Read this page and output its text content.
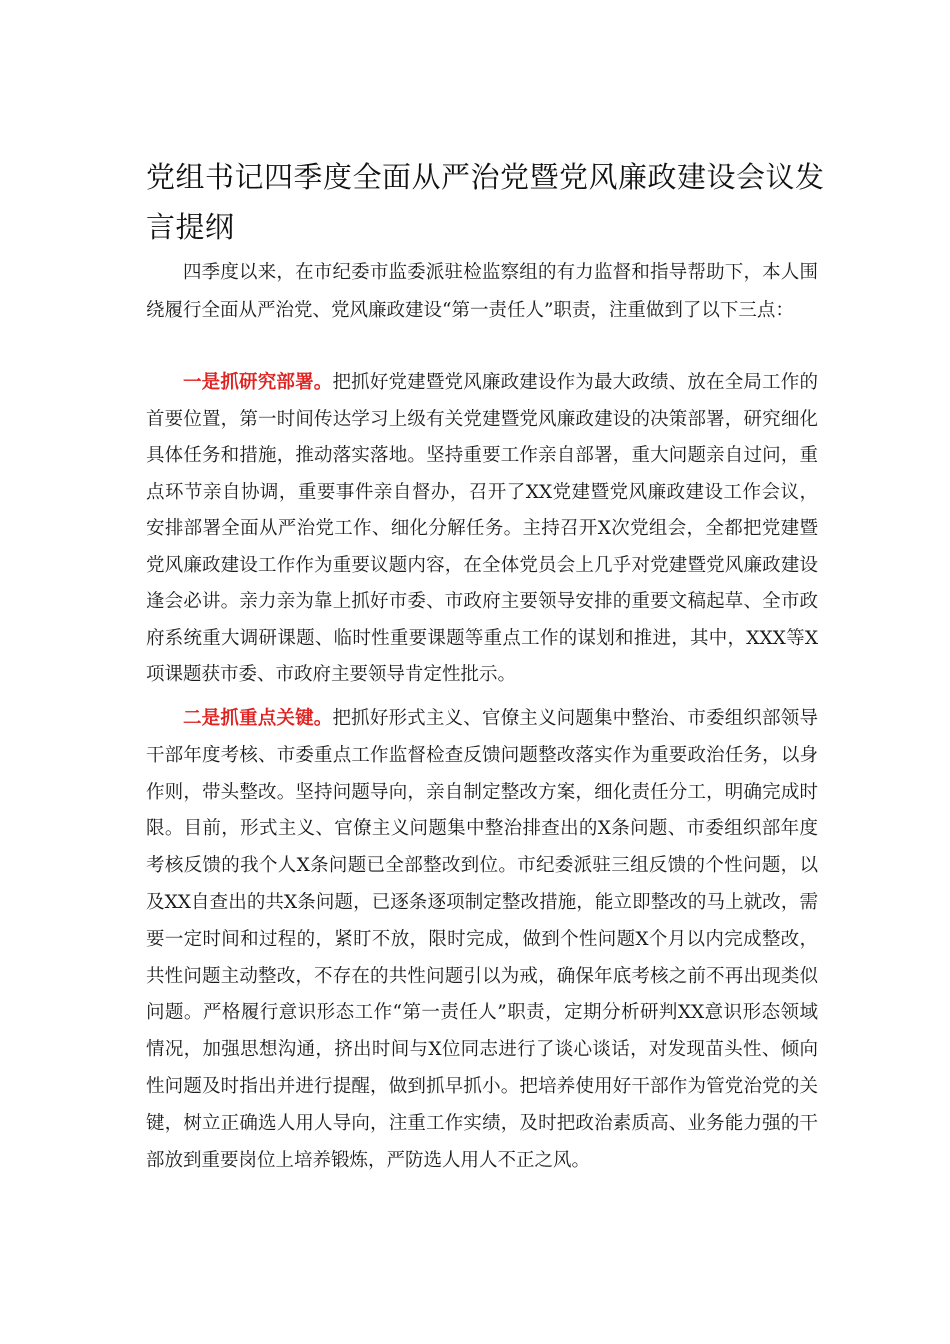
党组书记四季度全面从严治党暨党风廉政建设会议发言提纲

四季度以来，在市纪委市监委派驻检监察组的有力监督和指导帮助下，本人围绕履行全面从严治党、党风廉政建设“第一责任人”职责，注重做到了以下三点：

一是抓研究部署。把抓好党建暨党风廉政建设作为最大政绩、放在全局工作的首要位置，第一时间传达学习上级有关党建暨党风廉政建设的决策部署，研究细化具体任务和措施，推动落实落地。坚持重要工作亲自部署，重大问题亲自过问，重点环节亲自协调，重要事件亲自督办，召开了XX党建暨党风廉政建设工作会议，安排部署全面从严治党工作、细化分解任务。主持召开X次党组会，全都把党建暨党风廉政建设工作作为重要议题内容，在全体党员会上几乎对党建暨党风廉政建设逢会必讲。亲力亲为靠上抓好市委、市政府主要领导安排的重要文稿起草、全市政府系统重大调研课题、临时性重要课题等重点工作的谋划和推进，其中，XXX等X项课题获市委、市政府主要领导肯定性批示。

二是抓重点关键。把抓好形式主义、官僚主义问题集中整治、市委组织部领导干部年度考核、市委重点工作监督检查反馈问题整改落实作为重要政治任务，以身作则，带头整改。坚持问题导向，亲自制定整改方案，细化责任分工，明确完成时限。目前，形式主义、官僚主义问题集中整治排查出的X条问题、市委组织部年度考核反馈的我个人X条问题已全部整改到位。市纪委派驻三组反馈的个性问题，以及XX自查出的共X条问题，已逐条逐项制定整改措施，能立即整改的马上就改，需要一定时间和过程的，紧盯不放，限时完成，做到个性问题X个月以内完成整改，共性问题主动整改，不存在的共性问题引以为戒，确保年底考核之前不再出现类似问题。严格履行意识形态工作“第一责任人”职责，定期分析研判XX意识形态领域情况，加强思想沟通，挤出时间与X位同志进行了谈心谈话，对发现苗头性、倾向性问题及时指出并进行提醒，做到抓早抓小。把培养使用好干部作为管党治党的关键，树立正确选人用人导向，注重工作实绩，及时把政治素质高、业务能力强的干部放到重要岗位上培养锻炼，严防选人用人不正之风。
